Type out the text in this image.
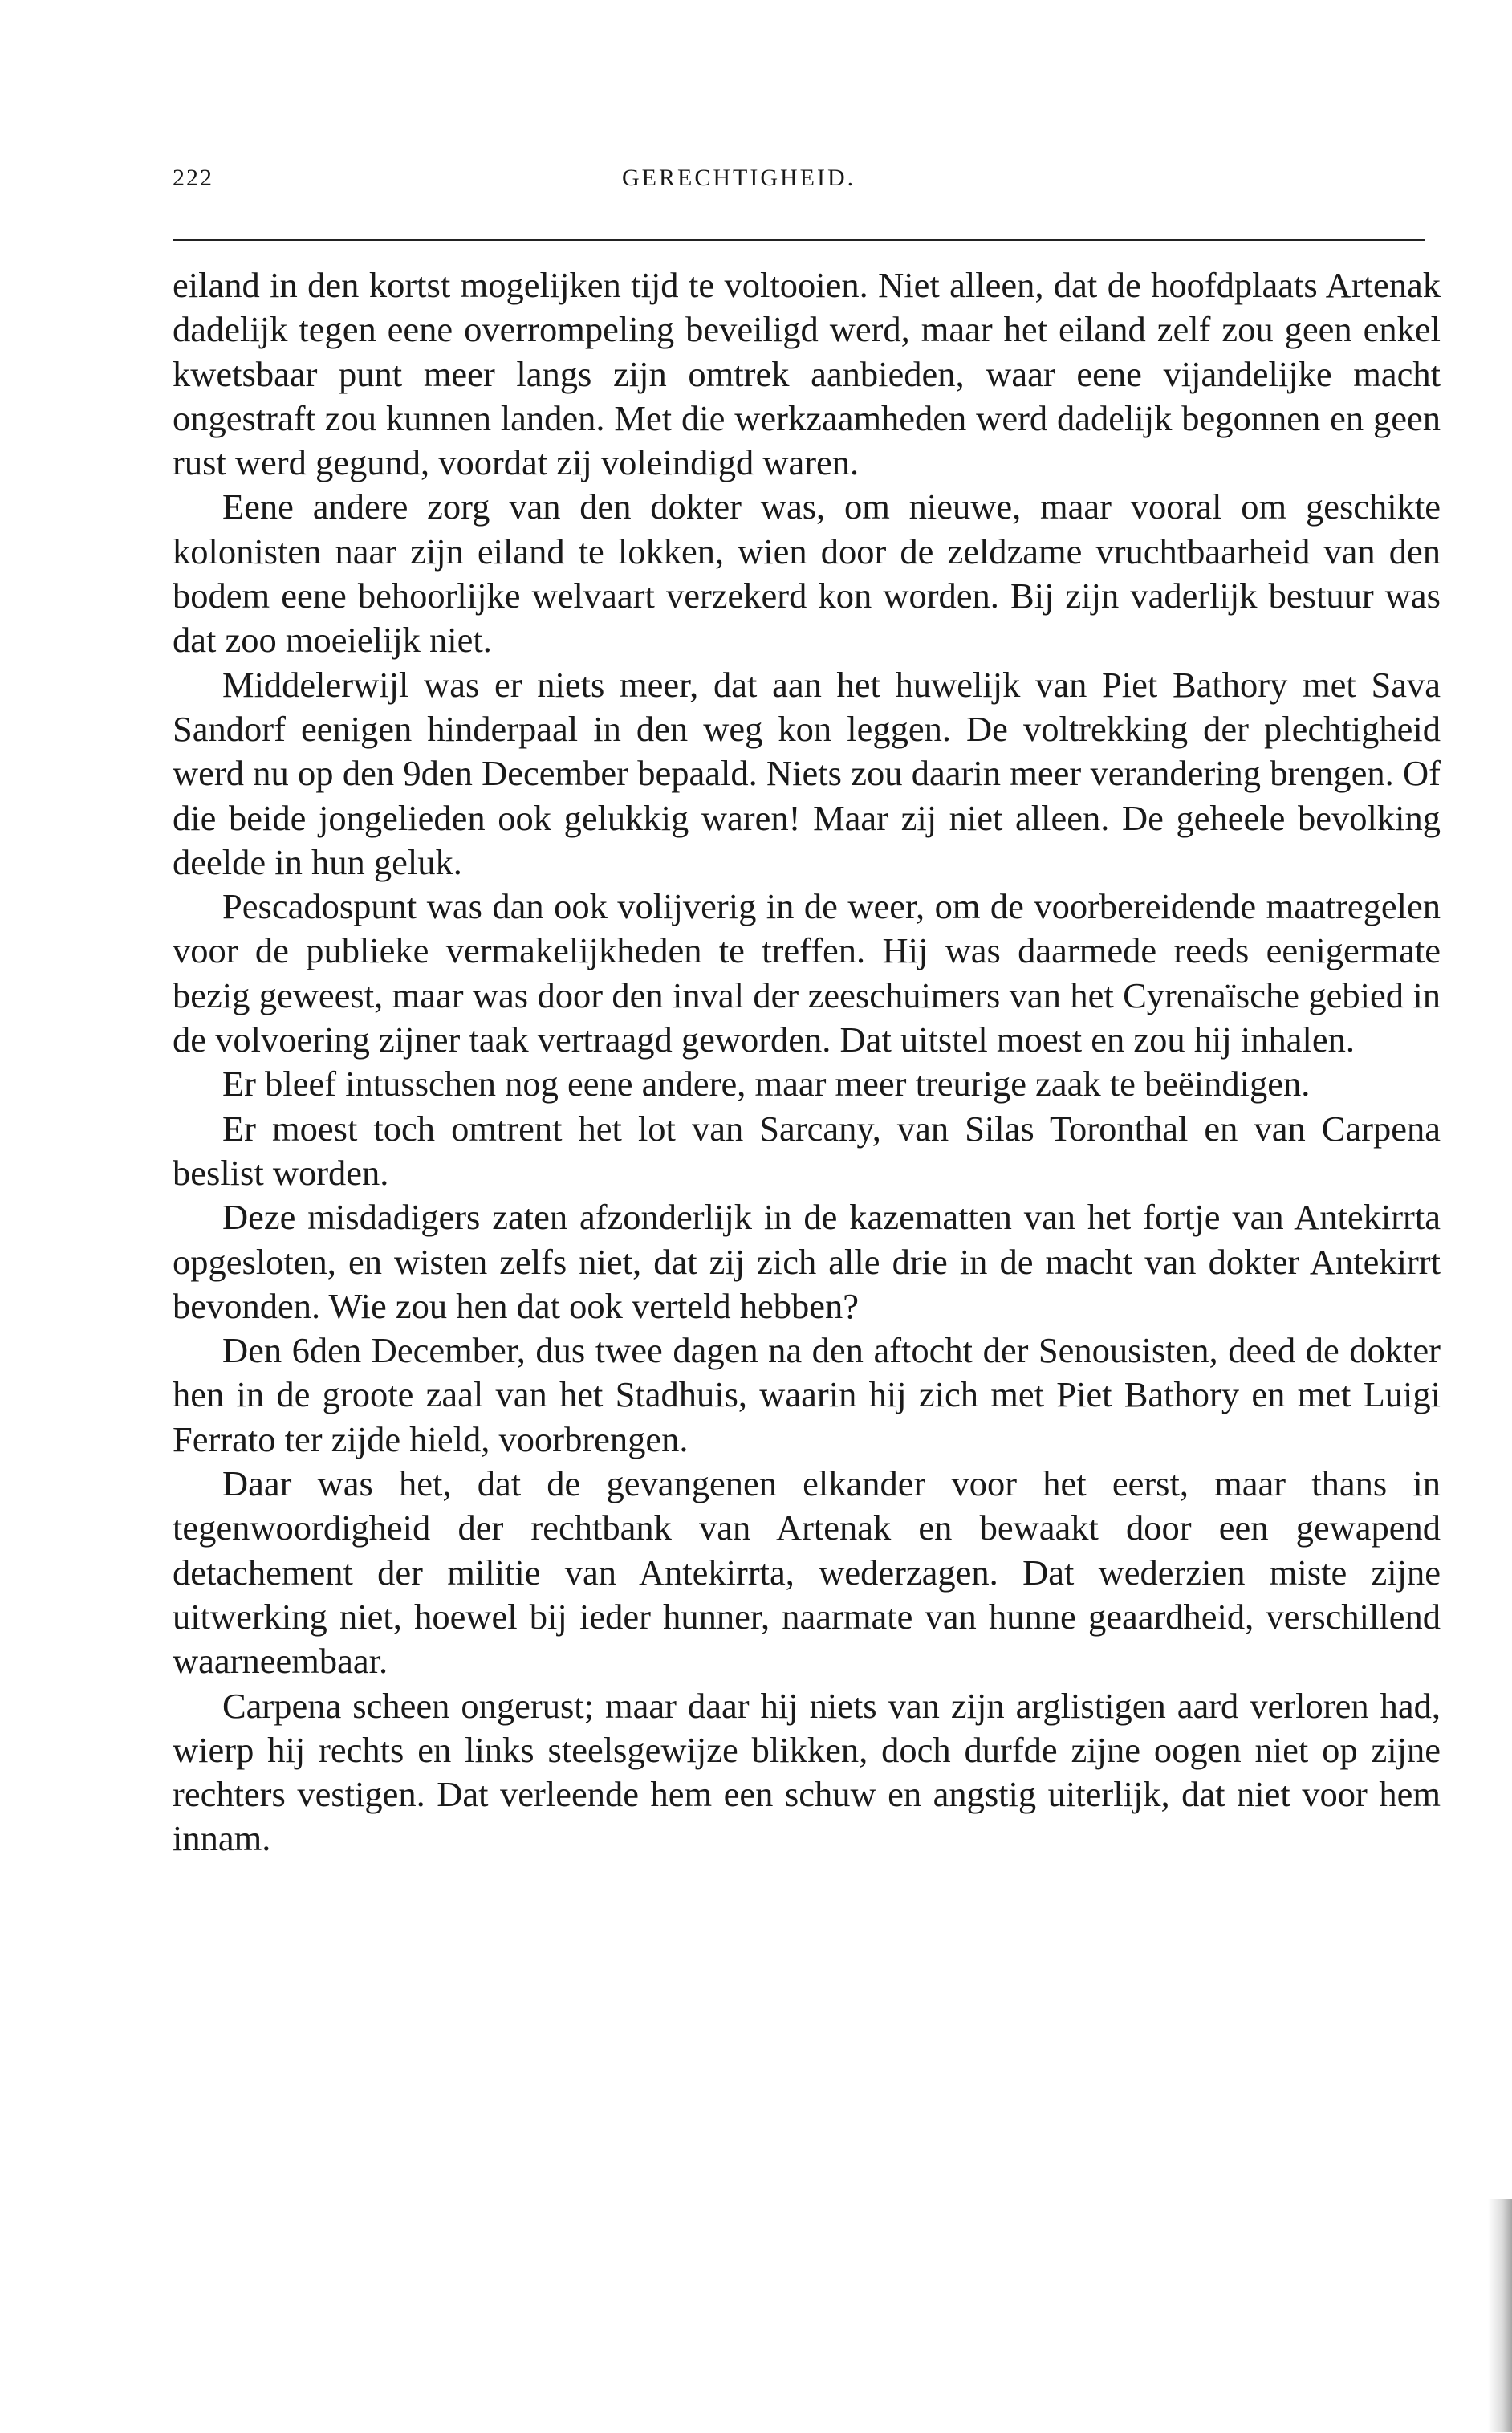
222	GERECHTIGHEID.

eiland in den kortst mogelijken tijd te voltooien. Niet alleen, dat de hoofdplaats Artenak dadelijk tegen eene overrompeling beveiligd werd, maar het eiland zelf zou geen enkel kwetsbaar punt meer langs zijn omtrek aanbieden, waar eene vijandelijke macht ongestraft zou kunnen landen. Met die werkzaamheden werd dadelijk begonnen en geen rust werd gegund, voordat zij voleindigd waren.

Eene andere zorg van den dokter was, om nieuwe, maar vooral om geschikte kolonisten naar zijn eiland te lokken, wien door de zeldzame vruchtbaarheid van den bodem eene behoorlijke welvaart verzekerd kon worden. Bij zijn vaderlijk bestuur was dat zoo moeielijk niet.

Middelerwijl was er niets meer, dat aan het huwelijk van Piet Bathory met Sava Sandorf eenigen hinderpaal in den weg kon leggen. De voltrekking der plechtigheid werd nu op den 9den December bepaald. Niets zou daarin meer verandering brengen. Of die beide jongelieden ook gelukkig waren! Maar zij niet alleen. De geheele bevolking deelde in hun geluk.

Pescadospunt was dan ook volijverig in de weer, om de voorbereidende maatregelen voor de publieke vermakelijkheden te treffen. Hij was daarmede reeds eenigermate bezig geweest, maar was door den inval der zeeschuimers van het Cyrenaïsche gebied in de volvoering zijner taak vertraagd geworden. Dat uitstel moest en zou hij inhalen.

Er bleef intusschen nog eene andere, maar meer treurige zaak te beëindigen.

Er moest toch omtrent het lot van Sarcany, van Silas Toronthal en van Carpena beslist worden.

Deze misdadigers zaten afzonderlijk in de kazematten van het fortje van Antekirrta opgesloten, en wisten zelfs niet, dat zij zich alle drie in de macht van dokter Antekirrt bevonden. Wie zou hen dat ook verteld hebben?

Den 6den December, dus twee dagen na den aftocht der Senousisten, deed de dokter hen in de groote zaal van het Stadhuis, waarin hij zich met Piet Bathory en met Luigi Ferrato ter zijde hield, voorbrengen.

Daar was het, dat de gevangenen elkander voor het eerst, maar thans in tegenwoordigheid der rechtbank van Artenak en bewaakt door een gewapend detachement der militie van Antekirrta, wederzagen. Dat wederzien miste zijne uitwerking niet, hoewel bij ieder hunner, naarmate van hunne geaardheid, verschillend waarneembaar.

Carpena scheen ongerust; maar daar hij niets van zijn arglistigen aard verloren had, wierp hij rechts en links steelsgewijze blikken, doch durfde zijne oogen niet op zijne rechters vestigen. Dat verleende hem een schuw en angstig uiterlijk, dat niet voor hem innam.
